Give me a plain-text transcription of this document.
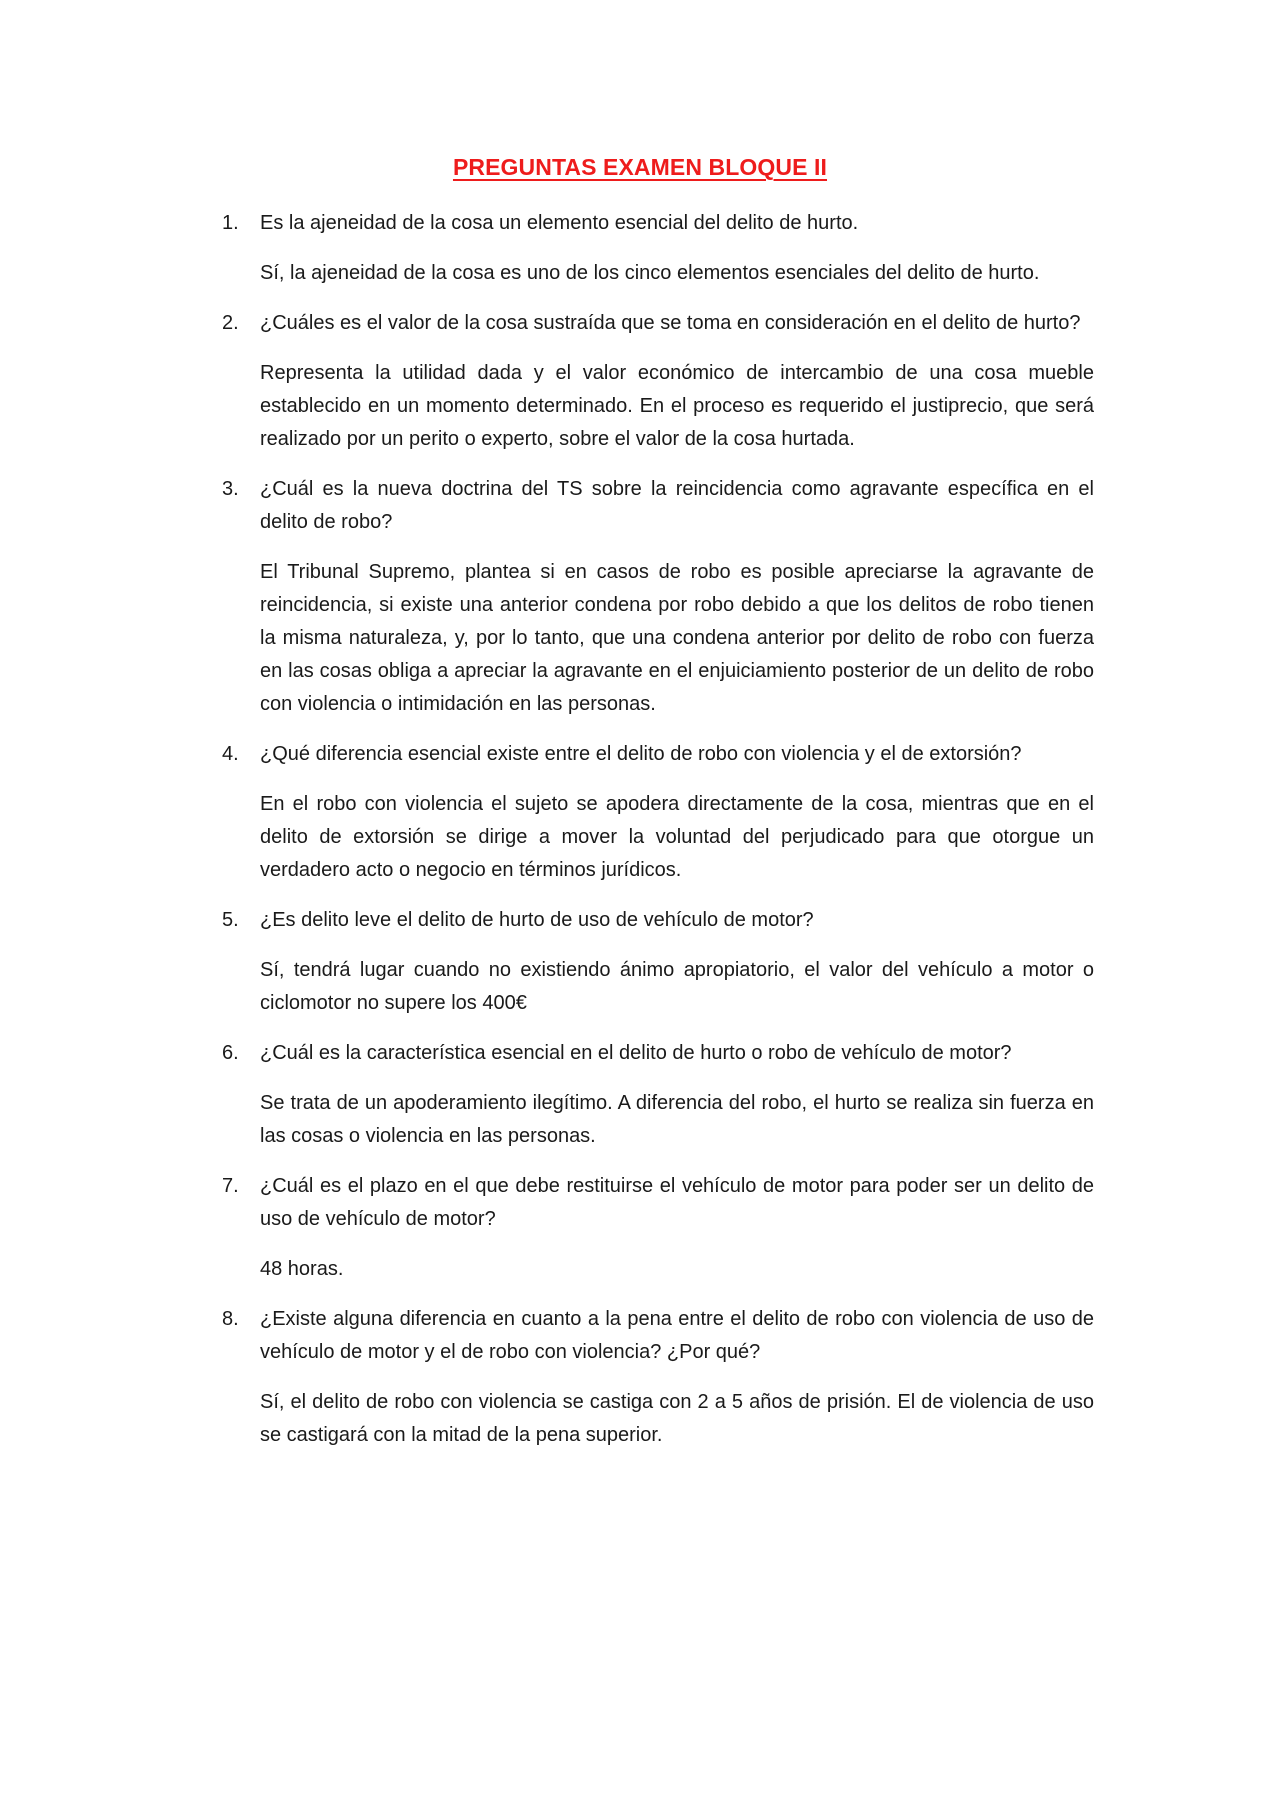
PREGUNTAS EXAMEN BLOQUE II
1. Es la ajeneidad de la cosa un elemento esencial del delito de hurto.

Sí, la ajeneidad de la cosa es uno de los cinco elementos esenciales del delito de hurto.

2. ¿Cuáles es el valor de la cosa sustraída que se toma en consideración en el delito de hurto?

Representa la utilidad dada y el valor económico de intercambio de una cosa mueble establecido en un momento determinado. En el proceso es requerido el justiprecio, que será realizado por un perito o experto, sobre el valor de la cosa hurtada.

3. ¿Cuál es la nueva doctrina del TS sobre la reincidencia como agravante específica en el delito de robo?

El Tribunal Supremo, plantea si en casos de robo es posible apreciarse la agravante de reincidencia, si existe una anterior condena por robo debido a que los delitos de robo tienen la misma naturaleza, y, por lo tanto, que una condena anterior por delito de robo con fuerza en las cosas obliga a apreciar la agravante en el enjuiciamiento posterior de un delito de robo con violencia o intimidación en las personas.

4. ¿Qué diferencia esencial existe entre el delito de robo con violencia y el de extorsión?

En el robo con violencia el sujeto se apodera directamente de la cosa, mientras que en el delito de extorsión se dirige a mover la voluntad del perjudicado para que otorgue un verdadero acto o negocio en términos jurídicos.

5. ¿Es delito leve el delito de hurto de uso de vehículo de motor?

Sí, tendrá lugar cuando no existiendo ánimo apropiatorio, el valor del vehículo a motor o ciclomotor no supere los 400€

6. ¿Cuál es la característica esencial en el delito de hurto o robo de vehículo de motor?

Se trata de un apoderamiento ilegítimo. A diferencia del robo, el hurto se realiza sin fuerza en las cosas o violencia en las personas.

7. ¿Cuál es el plazo en el que debe restituirse el vehículo de motor para poder ser un delito de uso de vehículo de motor?

48 horas.

8. ¿Existe alguna diferencia en cuanto a la pena entre el delito de robo con violencia de uso de vehículo de motor y el de robo con violencia? ¿Por qué?

Sí, el delito de robo con violencia se castiga con 2 a 5 años de prisión. El de violencia de uso se castigará con la mitad de la pena superior.
